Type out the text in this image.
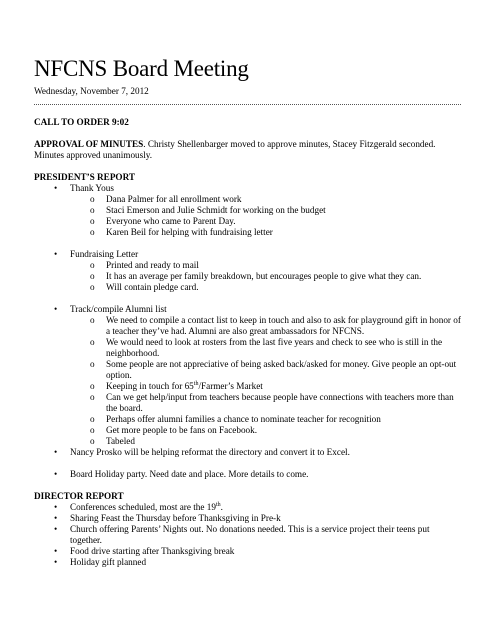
NFCNS Board Meeting
Wednesday, November 7, 2012
CALL TO ORDER 9:02
APPROVAL OF MINUTES. Christy Shellenbarger moved to approve minutes, Stacey Fitzgerald seconded. Minutes approved unanimously.
PRESIDENT’S REPORT
• Thank Yous
o Dana Palmer for all enrollment work
o Staci Emerson and Julie Schmidt for working on the budget
o Everyone who came to Parent Day.
o Karen Beil for helping with fundraising letter
• Fundraising Letter
o Printed and ready to mail
o It has an average per family breakdown, but encourages people to give what they can.
o Will contain pledge card.
• Track/compile Alumni list
o We need to compile a contact list to keep in touch and also to ask for playground gift in honor of a teacher they’ve had. Alumni are also great ambassadors for NFCNS.
o We would need to look at rosters from the last five years and check to see who is still in the neighborhood.
o Some people are not appreciative of being asked back/asked for money. Give people an opt-out option.
o Keeping in touch for 65th/Farmer’s Market
o Can we get help/input from teachers because people have connections with teachers more than the board.
o Perhaps offer alumni families a chance to nominate teacher for recognition
o Get more people to be fans on Facebook.
o Tabeled
• Nancy Prosko will be helping reformat the directory and convert it to Excel.
• Board Holiday party. Need date and place. More details to come.
DIRECTOR REPORT
• Conferences scheduled, most are the 19th.
• Sharing Feast the Thursday before Thanksgiving in Pre-k
• Church offering Parents’ Nights out. No donations needed. This is a service project their teens put together.
• Food drive starting after Thanksgiving break
• Holiday gift planned
